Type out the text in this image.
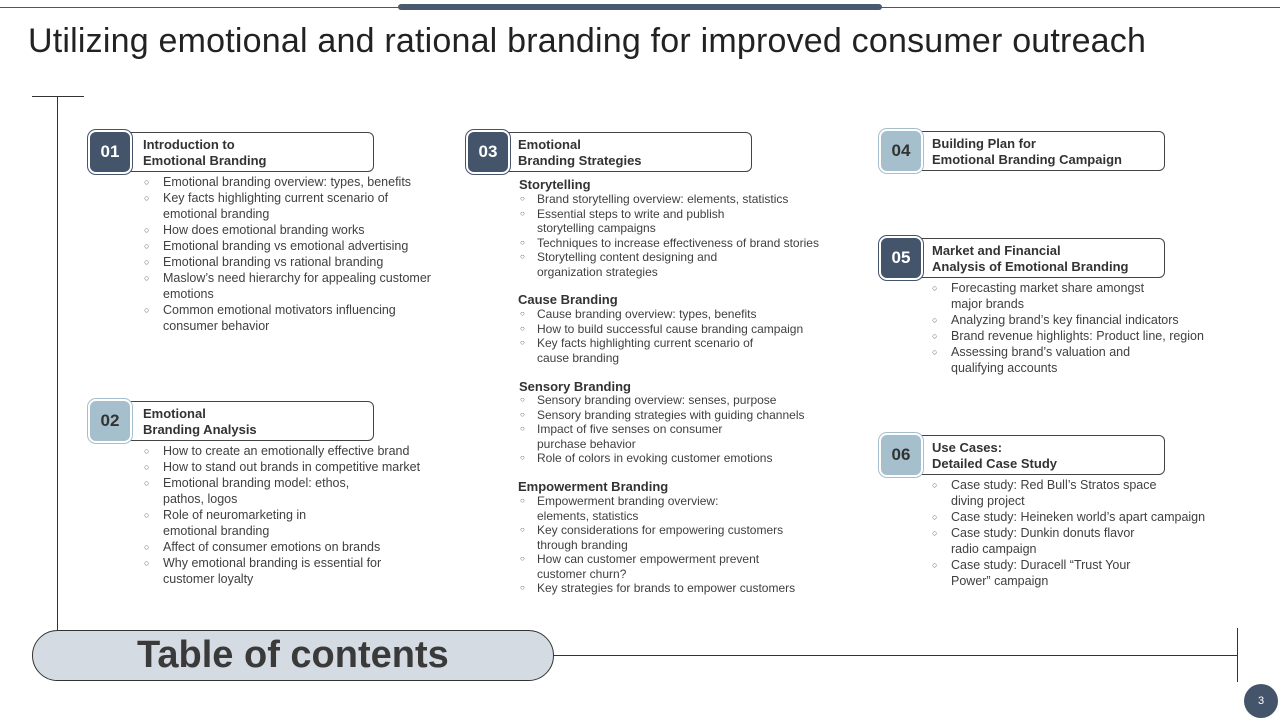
Utilizing emotional and rational branding for improved consumer outreach
01	Introduction to
Emotional Branding
○ Emotional branding overview: types, benefits
○ Key facts highlighting current scenario of emotional branding
○ How does emotional branding works
○ Emotional branding vs emotional advertising
○ Emotional branding vs rational branding
○ Maslow’s need hierarchy for appealing customer emotions
○ Common emotional motivators influencing consumer behavior
02	Emotional
Branding Analysis
○ How to create an emotionally effective brand
○ How to stand out brands in competitive market
○ Emotional branding model: ethos, pathos, logos
○ Role of neuromarketing in emotional branding
○ Affect of consumer emotions on brands
○ Why emotional branding is essential for customer loyalty
03	Emotional
Branding Strategies
Storytelling
○ Brand storytelling overview: elements, statistics
○ Essential steps to write and publish storytelling campaigns
○ Techniques to increase effectiveness of brand stories
○ Storytelling content designing and organization strategies
Cause Branding
○ Cause branding overview: types, benefits
○ How to build successful cause branding campaign
○ Key facts highlighting current scenario of cause branding
Sensory Branding
○ Sensory branding overview: senses, purpose
○ Sensory branding strategies with guiding channels
○ Impact of five senses on consumer purchase behavior
○ Role of colors in evoking customer emotions
Empowerment Branding
○ Empowerment branding overview: elements, statistics
○ Key considerations for empowering customers through branding
○ How can customer empowerment prevent customer churn?
○ Key strategies for brands to empower customers
04	Building Plan for
Emotional Branding Campaign
05	Market and Financial
Analysis of Emotional Branding
○ Forecasting market share amongst major brands
○ Analyzing brand’s key financial indicators
○ Brand revenue highlights: Product line, region
○ Assessing brand’s valuation and qualifying accounts
06	Use Cases:
Detailed Case Study
○ Case study: Red Bull’s Stratos space diving project
○ Case study: Heineken world’s apart campaign
○ Case study: Dunkin donuts flavor radio campaign
○ Case study: Duracell “Trust Your Power” campaign
Table of contents
3
